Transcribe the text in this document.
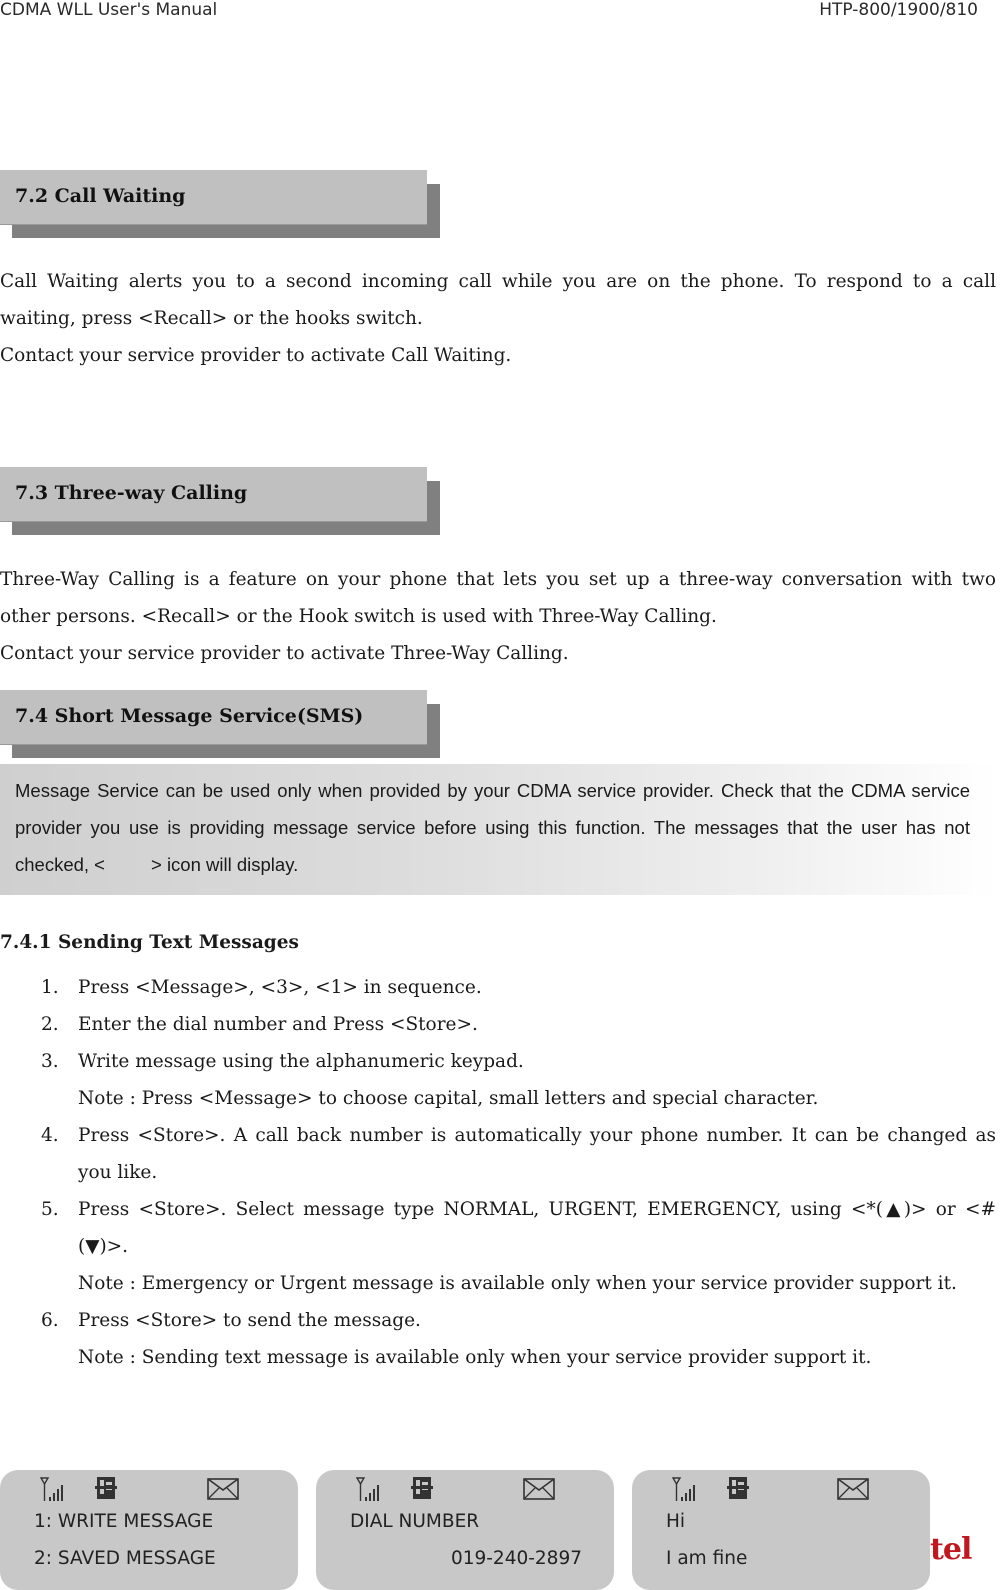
CDMA WLL User's Manual	HTP-800/1900/810
7.2 Call Waiting
Call Waiting alerts you to a second incoming call while you are on the phone. To respond to a call waiting, press <Recall> or the hooks switch.
Contact your service provider to activate Call Waiting.
7.3 Three-way Calling
Three-Way Calling is a feature on your phone that lets you set up a three-way conversation with two other persons. <Recall> or the Hook switch is used with Three-Way Calling.
Contact your service provider to activate Three-Way Calling.
7.4 Short Message Service(SMS)
Message Service can be used only when provided by your CDMA service provider. Check that the CDMA service provider you use is providing message service before using this function. The messages that the user has not checked, < > icon will display.
7.4.1 Sending Text Messages
1. Press <Message>, <3>, <1> in sequence.
2. Enter the dial number and Press <Store>.
3. Write message using the alphanumeric keypad.
Note : Press <Message> to choose capital, small letters and special character.
4. Press <Store>. A call back number is automatically your phone number. It can be changed as you like.
5. Press <Store>. Select message type NORMAL, URGENT, EMERGENCY, using <*(▲)> or <#(▼)>.
Note : Emergency or Urgent message is available only when your service provider support it.
6. Press <Store> to send the message.
Note : Sending text message is available only when your service provider support it.
1: WRITE MESSAGE
2: SAVED MESSAGE
DIAL NUMBER
019-240-2897
Hi
I am fine	tel
